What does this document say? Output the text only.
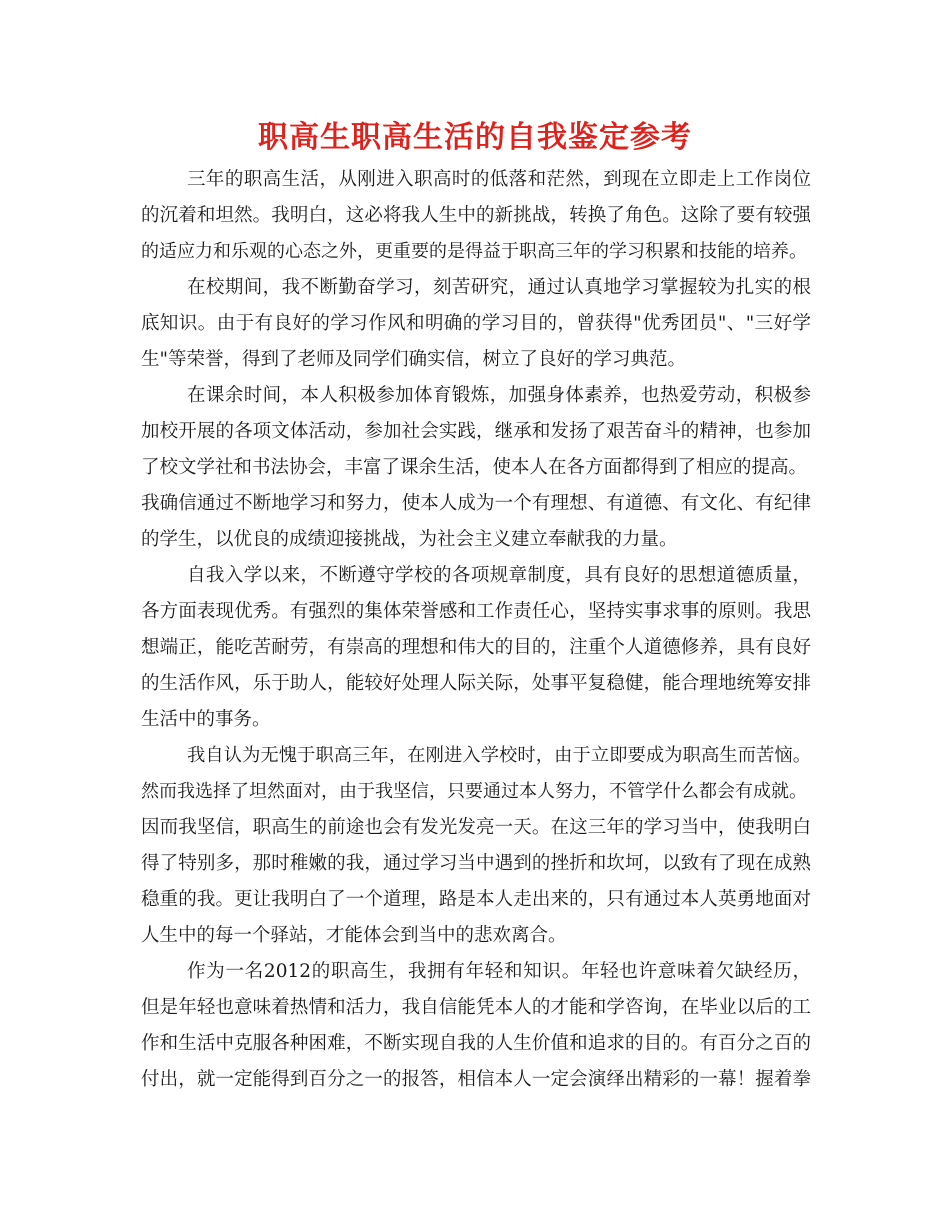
职高生职高生活的自我鉴定参考
三年的职高生活，从刚进入职高时的低落和茫然，到现在立即走上工作岗位
的沉着和坦然。我明白，这必将我人生中的新挑战，转换了角色。这除了要有较强
的适应力和乐观的心态之外，更重要的是得益于职高三年的学习积累和技能的培养。
在校期间，我不断勤奋学习，刻苦研究，通过认真地学习掌握较为扎实的根
底知识。由于有良好的学习作风和明确的学习目的，曾获得"优秀团员"、"三好学
生"等荣誉，得到了老师及同学们确实信，树立了良好的学习典范。
在课余时间，本人积极参加体育锻炼，加强身体素养，也热爱劳动，积极参
加校开展的各项文体活动，参加社会实践，继承和发扬了艰苦奋斗的精神，也参加
了校文学社和书法协会，丰富了课余生活，使本人在各方面都得到了相应的提高。
我确信通过不断地学习和努力，使本人成为一个有理想、有道德、有文化、有纪律
的学生，以优良的成绩迎接挑战，为社会主义建立奉献我的力量。
自我入学以来，不断遵守学校的各项规章制度，具有良好的思想道德质量，
各方面表现优秀。有强烈的集体荣誉感和工作责任心，坚持实事求事的原则。我思
想端正，能吃苦耐劳，有崇高的理想和伟大的目的，注重个人道德修养，具有良好
的生活作风，乐于助人，能较好处理人际关际，处事平复稳健，能合理地统筹安排
生活中的事务。
我自认为无愧于职高三年，在刚进入学校时，由于立即要成为职高生而苦恼。
然而我选择了坦然面对，由于我坚信，只要通过本人努力，不管学什么都会有成就。
因而我坚信，职高生的前途也会有发光发亮一天。在这三年的学习当中，使我明白
得了特别多，那时稚嫩的我，通过学习当中遇到的挫折和坎坷，以致有了现在成熟
稳重的我。更让我明白了一个道理，路是本人走出来的，只有通过本人英勇地面对
人生中的每一个驿站，才能体会到当中的悲欢离合。
作为一名2012的职高生，我拥有年轻和知识。年轻也许意味着欠缺经历，
但是年轻也意味着热情和活力，我自信能凭本人的才能和学咨询，在毕业以后的工
作和生活中克服各种困难，不断实现自我的人生价值和追求的目的。有百分之百的
付出，就一定能得到百分之一的报答，相信本人一定会演绎出精彩的一幕！握着拳
